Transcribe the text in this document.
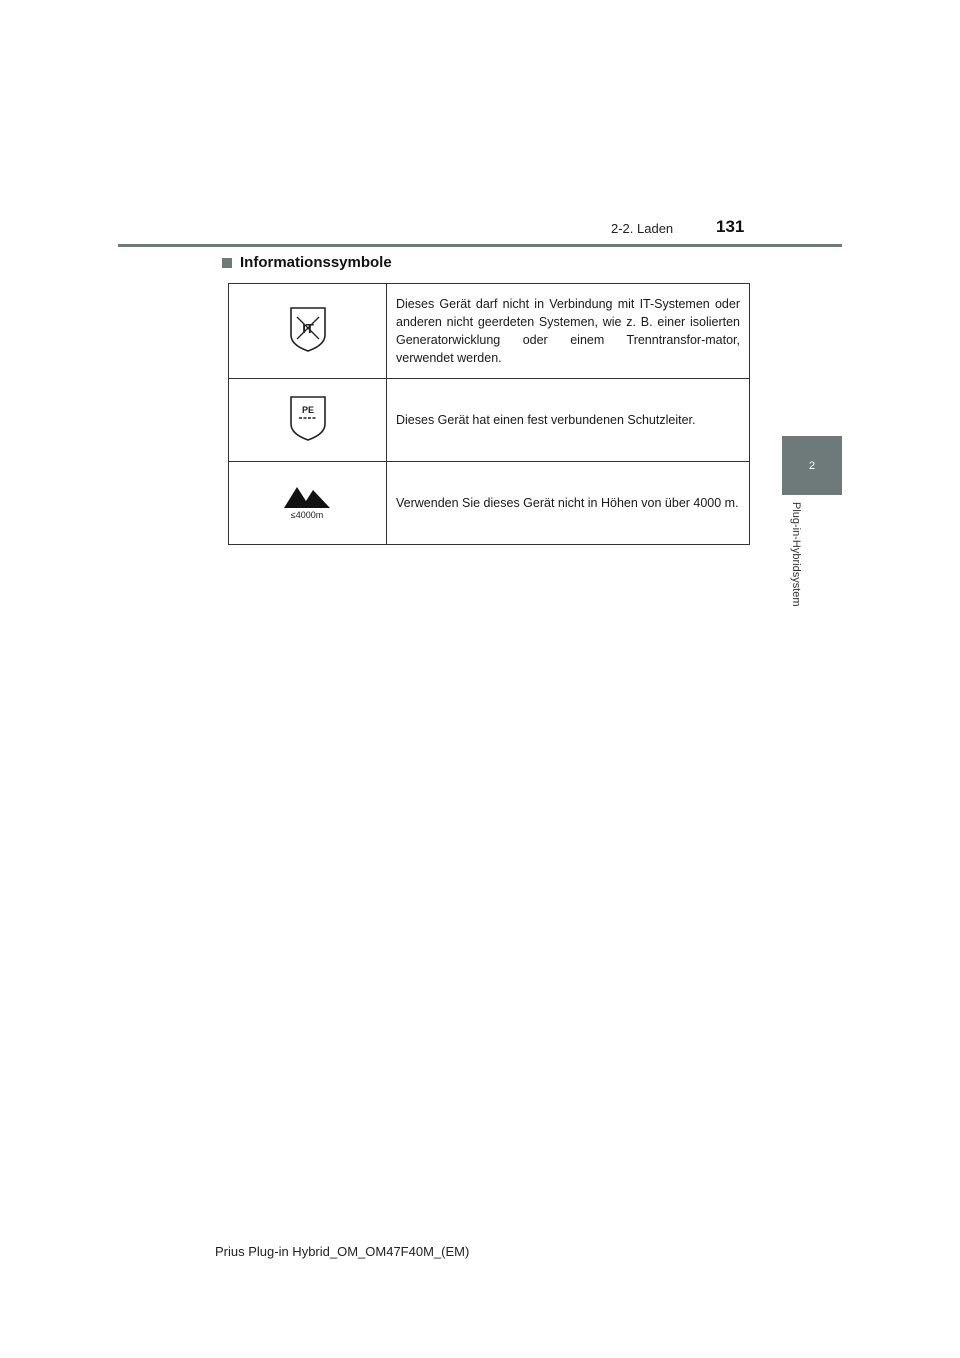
2-2. Laden	131
2
Plug-in-Hybridsystem
Informationssymbole
IT	Dieses Gerät darf nicht in Verbindung mit IT-Systemen oder anderen nicht geerdeten Systemen, wie z. B. einer isolierten Generatorwicklung oder einem Trenntransfor-mator, verwendet werden.

PE	Dieses Gerät hat einen fest verbundenen Schutzleiter.

≤4000m	Verwenden Sie dieses Gerät nicht in Höhen von über 4000 m.
Prius Plug-in Hybrid_OM_OM47F40M_(EM)
